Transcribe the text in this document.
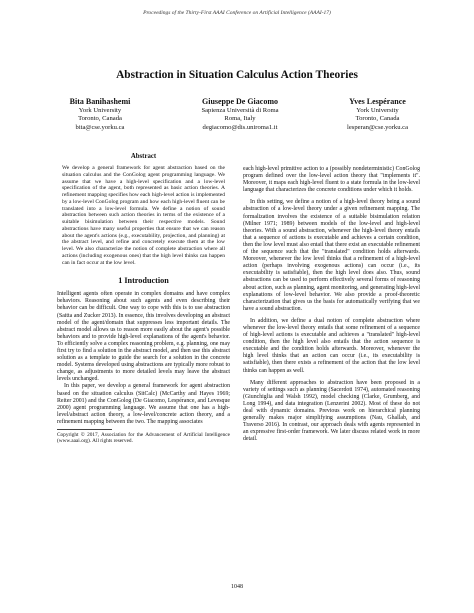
Proceedings of the Thirty-First AAAI Conference on Artificial Intelligence (AAAI-17)
Abstraction in Situation Calculus Action Theories
Bita Banihashemi
York University
Toronto, Canada
bita@cse.yorku.ca
Giuseppe De Giacomo
Sapienza Università di Roma
Roma, Italy
degiacomo@dis.uniroma1.it
Yves Lespérance
York University
Toronto, Canada
lesperan@cse.yorku.ca
Abstract
We develop a general framework for agent abstraction based on the situation calculus and the ConGolog agent programming language. We assume that we have a high-level specification and a low-level specification of the agent, both represented as basic action theories. A refinement mapping specifies how each high-level action is implemented by a low-level ConGolog program and how each high-level fluent can be translated into a low-level formula. We define a notion of sound abstraction between such action theories in terms of the existence of a suitable bisimulation between their respective models. Sound abstractions have many useful properties that ensure that we can reason about the agent's actions (e.g., executability, projection, and planning) at the abstract level, and refine and concretely execute them at the low level. We also characterize the notion of complete abstraction where all actions (including exogenous ones) that the high level thinks can happen can in fact occur at the low level.
1 Introduction

Intelligent agents often operate in complex domains and have complex behaviors. Reasoning about such agents and even describing their behavior can be difficult. One way to cope with this is to use abstraction (Saitta and Zucker 2013). In essence, this involves developing an abstract model of the agent/domain that suppresses less important details. The abstract model allows us to reason more easily about the agent's possible behaviors and to provide high-level explanations of the agent's behavior. To efficiently solve a complex reasoning problem, e.g. planning, one may first try to find a solution in the abstract model, and then use this abstract solution as a template to guide the search for a solution in the concrete model. Systems developed using abstractions are typically more robust to change, as adjustments to more detailed levels may leave the abstract levels unchanged.

In this paper, we develop a general framework for agent abstraction based on the situation calculus (SitCalc) (McCarthy and Hayes 1969; Reiter 2001) and the ConGolog (De Giacomo, Lespérance, and Levesque 2000) agent programming language. We assume that one has a high-level/abstract action theory, a low-level/concrete action theory, and a refinement mapping between the two. The mapping associates

Copyright © 2017, Association for the Advancement of Artificial Intelligence (www.aaai.org). All rights reserved.

each high-level primitive action to a (possibly nondeterministic) ConGolog program defined over the low-level action theory that "implements it". Moreover, it maps each high-level fluent to a state formula in the low-level language that characterizes the concrete conditions under which it holds.

In this setting, we define a notion of a high-level theory being a sound abstraction of a low-level theory under a given refinement mapping. The formalization involves the existence of a suitable bisimulation relation (Milner 1971; 1989) between models of the low-level and high-level theories. With a sound abstraction, whenever the high-level theory entails that a sequence of actions is executable and achieves a certain condition, then the low level must also entail that there exist an executable refinement of the sequence such that the "translated" condition holds afterwards. Moreover, whenever the low level thinks that a refinement of a high-level action (perhaps involving exogenous actions) can occur (i.e., its executability is satisfiable), then the high level does also. Thus, sound abstractions can be used to perform effectively several forms of reasoning about action, such as planning, agent monitoring, and generating high-level explanations of low-level behavior. We also provide a proof-theoretic characterization that gives us the basis for automatically verifying that we have a sound abstraction.

In addition, we define a dual notion of complete abstraction where whenever the low-level theory entails that some refinement of a sequence of high-level actions is executable and achieves a "translated" high-level condition, then the high level also entails that the action sequence is executable and the condition holds afterwards. Moreover, whenever the high level thinks that an action can occur (i.e., its executability is satisfiable), then there exists a refinement of the action that the low level thinks can happen as well.

Many different approaches to abstraction have been proposed in a variety of settings such as planning (Sacerdoti 1974), automated reasoning (Giunchiglia and Walsh 1992), model checking (Clarke, Grumberg, and Long 1994), and data integration (Lenzerini 2002). Most of these do not deal with dynamic domains. Previous work on hierarchical planning generally makes major simplifying assumptions (Nau, Ghallab, and Traverso 2016). In contrast, our approach deals with agents represented in an expressive first-order framework. We later discuss related work in more detail.

1048
